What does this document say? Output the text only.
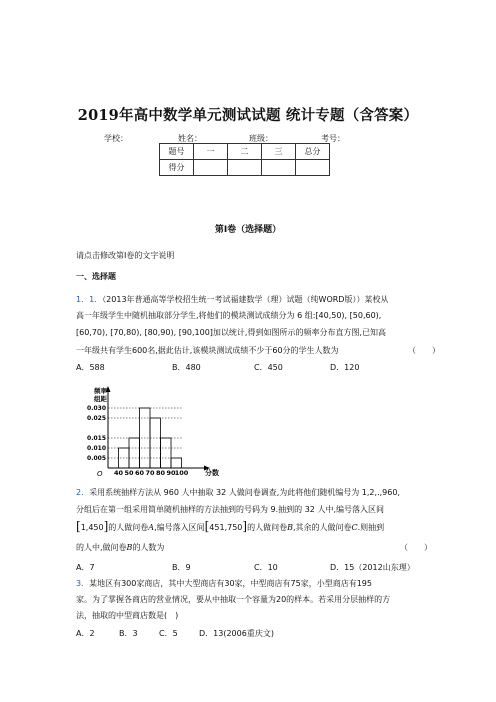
2019年高中数学单元测试试题 统计专题（含答案）
学校：	姓名：	班级：	考号：
题号	一	二	三	总分
得分				
第I卷（选择题）
请点击修改第I卷的文字说明
一、选择题
1．1．（2013年普通高等学校招生统一考试福建数学（理）试题（纯WORD版））某校从
高一年级学生中随机抽取部分学生,将他们的模块测试成绩分为 6 组:[40,50), [50,60),
[60,70), [70,80), [80,90), [90,100]加以统计,得到如图所示的频率分布直方图,已知高
一年级共有学生600名,据此估计,该模块测试成绩不少于60分的学生人数为	（　　）
A．588	B．480	C．450	D．120
0.030
0.025
0.015
0.010
0.005
40 50 60 70 80 90 100
频率
组距
分数
O
2．采用系统抽样方法从 960 人中抽取 32 人做问卷调查,为此将他们随机编号为 1,2,.,960,
分组后在第一组采用简单随机抽样的方法抽到的号码为 9.抽到的 32 人中,编号落入区间
[1,450]的人做问卷A,编号落入区间[451,750]的人做问卷B,其余的人做问卷C.则抽到
的人中,做问卷B的人数为	（　　）
A．7	B．9	C．10	D．15（2012山东理）
3．某地区有300家商店，其中大型商店有30家，中型商店有75家，小型商店有195
家。为了掌握各商店的营业情况，要从中抽取一个容量为20的样本。若采用分层抽样的方
法，抽取的中型商店数是(　)
A．2	B．3	C．5	D．13(2006重庆文)
